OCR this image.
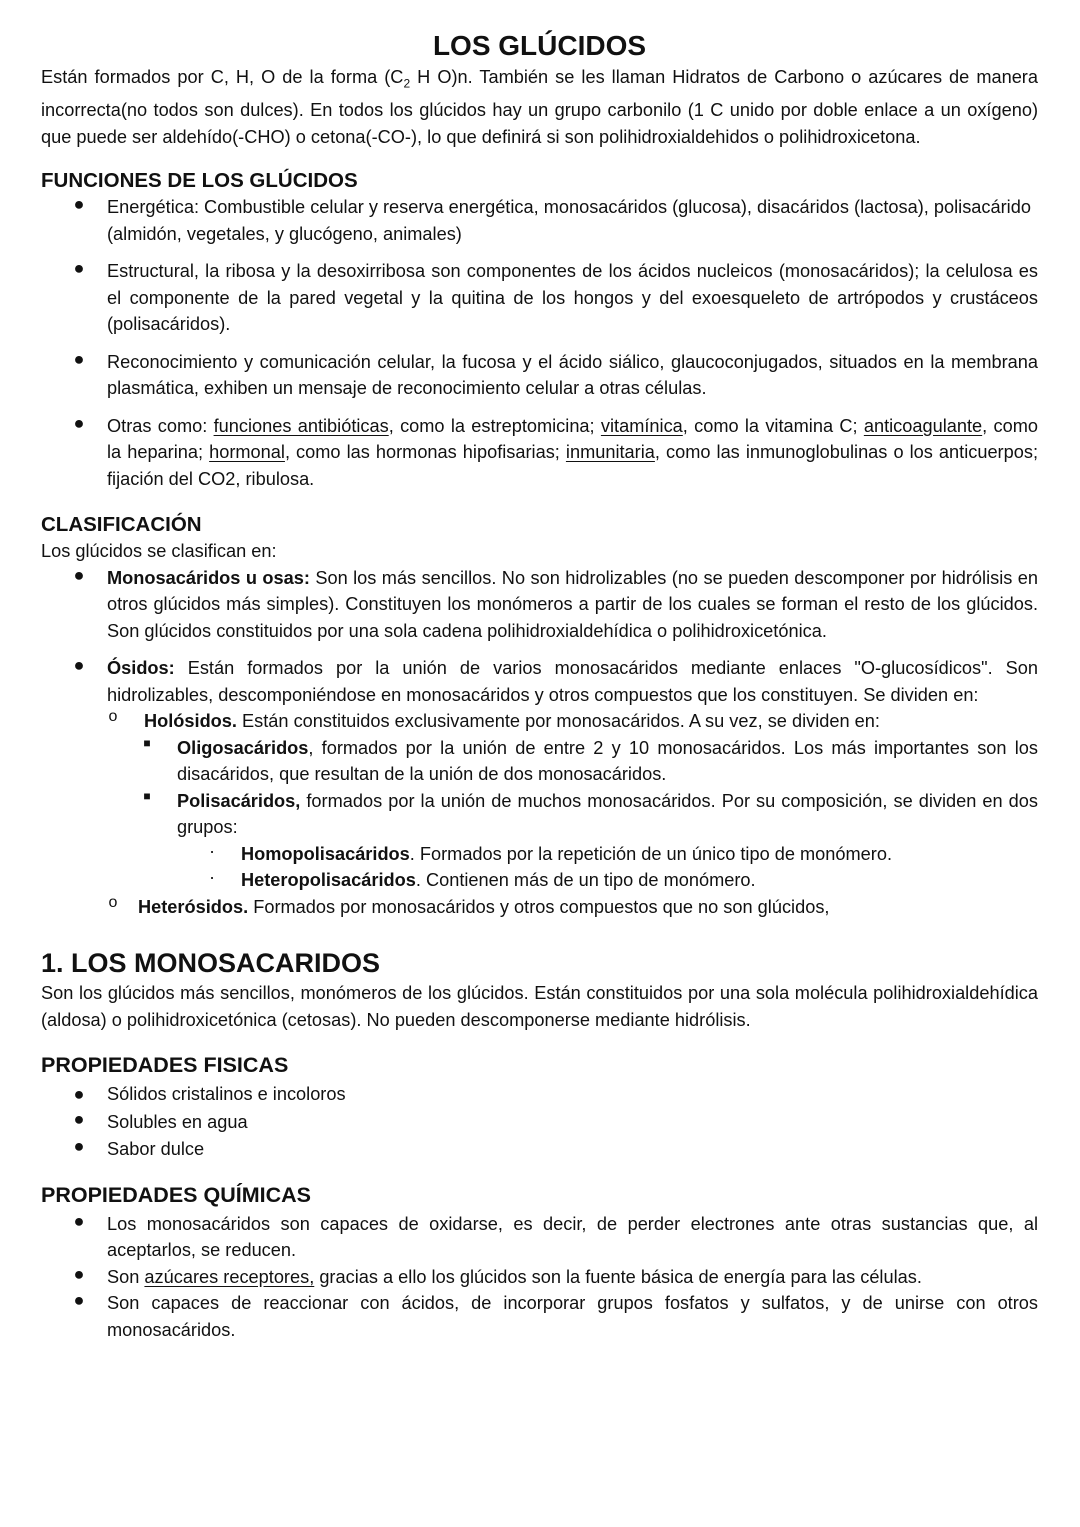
LOS GLÚCIDOS

Están formados por C, H, O de la forma ($C_2$ H O)n. También se les llaman Hidratos de Carbono o azúcares de manera incorrecta(no todos son dulces). En todos los glúcidos hay un grupo carbonilo (1 C unido por doble enlace a un oxígeno) que puede ser aldehído(-CHO) o cetona(-CO-), lo que definirá si son polihidroxialdehidos o polihidroxicetona.

FUNCIONES DE LOS GLÚCIDOS
● Energética: Combustible celular y reserva energética, monosacáridos (glucosa), disacáridos (lactosa), polisacárido (almidón, vegetales, y glucógeno, animales)
● Estructural, la ribosa y la desoxirribosa son componentes de los ácidos nucleicos (monosacáridos); la celulosa es el componente de la pared vegetal y la quitina de los hongos y del exoesqueleto de artrópodos y crustáceos (polisacáridos).
● Reconocimiento y comunicación celular, la fucosa y el ácido siálico, glaucoconjugados, situados en la membrana plasmática, exhiben un mensaje de reconocimiento celular a otras células.
● Otras como: funciones antibióticas, como la estreptomicina; vitamínica, como la vitamina C; anticoagulante, como la heparina; hormonal, como las hormonas hipofisarias; inmunitaria, como las inmunoglobulinas o los anticuerpos; fijación del CO2, ribulosa.
CLASIFICACIÓN

Los glúcidos se clasifican en:

● Monosacáridos u osas: Son los más sencillos. No son hidrolizables (no se pueden descomponer por hidrólisis en otros glúcidos más simples). Constituyen los monómeros a partir de los cuales se forman el resto de los glúcidos. Son glúcidos constituidos por una sola cadena polihidroxialdehídica o polihidroxicetónica.
● Ósidos: Están formados por la unión de varios monosacáridos mediante enlaces "O-glucosídicos". Son hidrolizables, descomponiéndose en monosacáridos y otros compuestos que los constituyen. Se dividen en:
o	Holósidos. Están constituidos exclusivamente por monosacáridos. A su vez, se dividen en:
■ Oligosacáridos, formados por la unión de entre 2 y 10 monosacáridos. Los más importantes son los disacáridos, que resultan de la unión de dos monosacáridos.
■ Polisacáridos, formados por la unión de muchos monosacáridos. Por su composición, se dividen en dos grupos:
· Homopolisacáridos. Formados por la repetición de un único tipo de monómero.
· Heteropolisacáridos. Contienen más de un tipo de monómero.
o	Heterósidos. Formados por monosacáridos y otros compuestos que no son glúcidos,
1. LOS MONOSACARIDOS

Son los glúcidos más sencillos, monómeros de los glúcidos. Están constituidos por una sola molécula polihidroxialdehídica (aldosa) o polihidroxicetónica (cetosas). No pueden descomponerse mediante hidrólisis.

PROPIEDADES FISICAS
● Sólidos cristalinos e incoloros
● Solubles en agua
● Sabor dulce
PROPIEDADES QUÍMICAS
● Los monosacáridos son capaces de oxidarse, es decir, de perder electrones ante otras sustancias que, al aceptarlos, se reducen.
● Son azúcares receptores, gracias a ello los glúcidos son la fuente básica de energía para las células.
● Son capaces de reaccionar con ácidos, de incorporar grupos fosfatos y sulfatos, y de unirse con otros monosacáridos.
